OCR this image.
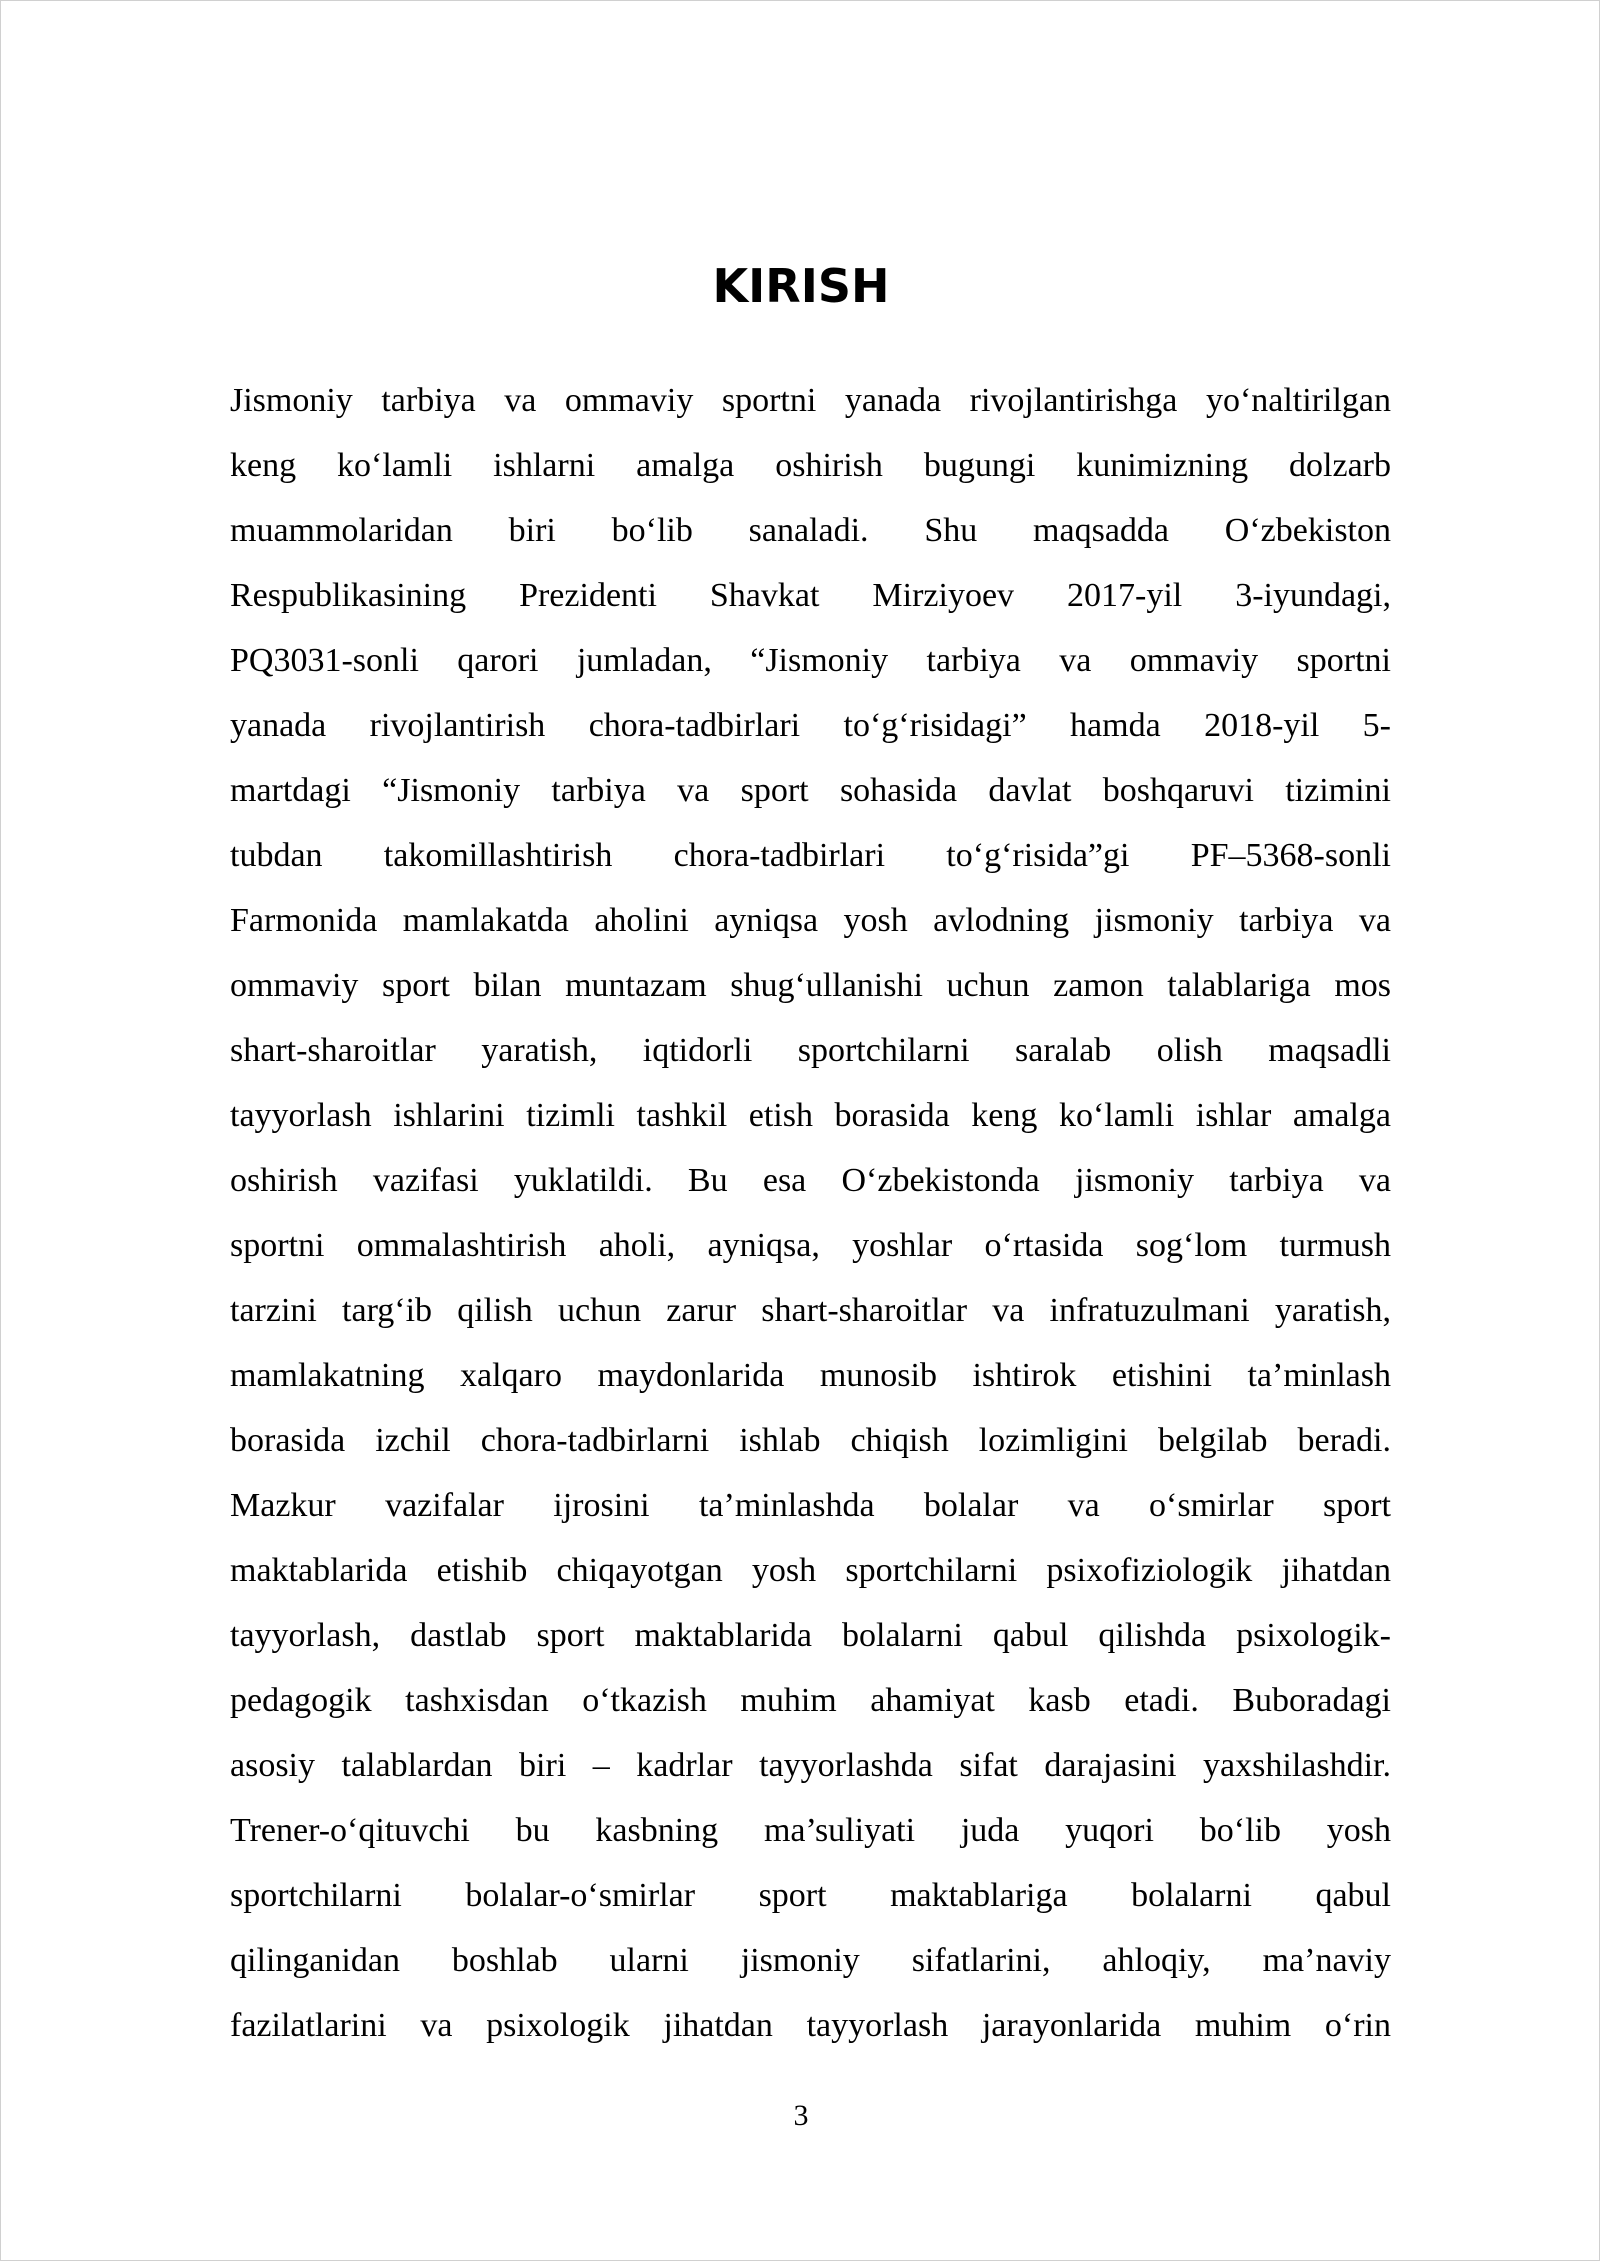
KIRISH
Jismoniy tarbiya va ommaviy sportni yanada rivojlantirishga yo‘naltirilgan
keng ko‘lamli ishlarni amalga oshirish bugungi kunimizning dolzarb
muammolaridan biri bo‘lib sanaladi. Shu maqsadda O‘zbekiston
Respublikasining Prezidenti Shavkat Mirziyoev 2017-yil 3-iyundagi,
PQ3031-sonli qarori jumladan, “Jismoniy tarbiya va ommaviy sportni
yanada rivojlantirish chora-tadbirlari to‘g‘risidagi” hamda 2018-yil 5-
martdagi “Jismoniy tarbiya va sport sohasida davlat boshqaruvi tizimini
tubdan takomillashtirish chora-tadbirlari to‘g‘risida”gi PF–5368-sonli
Farmonida mamlakatda aholini ayniqsa yosh avlodning jismoniy tarbiya va
ommaviy sport bilan muntazam shug‘ullanishi uchun zamon talablariga mos
shart-sharoitlar yaratish, iqtidorli sportchilarni saralab olish maqsadli
tayyorlash ishlarini tizimli tashkil etish borasida keng ko‘lamli ishlar amalga
oshirish vazifasi yuklatildi. Bu esa O‘zbekistonda jismoniy tarbiya va
sportni ommalashtirish aholi, ayniqsa, yoshlar o‘rtasida sog‘lom turmush
tarzini targ‘ib qilish uchun zarur shart-sharoitlar va infratuzulmani yaratish,
mamlakatning xalqaro maydonlarida munosib ishtirok etishini ta’minlash
borasida izchil chora-tadbirlarni ishlab chiqish lozimligini belgilab beradi.
Mazkur vazifalar ijrosini ta’minlashda bolalar va o‘smirlar sport
maktablarida etishib chiqayotgan yosh sportchilarni psixofiziologik jihatdan
tayyorlash, dastlab sport maktablarida bolalarni qabul qilishda psixologik-
pedagogik tashxisdan o‘tkazish muhim ahamiyat kasb etadi. Buboradagi
asosiy talablardan biri – kadrlar tayyorlashda sifat darajasini yaxshilashdir.
Trener-o‘qituvchi bu kasbning ma’suliyati juda yuqori bo‘lib yosh
sportchilarni bolalar-o‘smirlar sport maktablariga bolalarni qabul
qilinganidan boshlab ularni jismoniy sifatlarini, ahloqiy, ma’naviy
fazilatlarini va psixologik jihatdan tayyorlash jarayonlarida muhim o‘rin
3
